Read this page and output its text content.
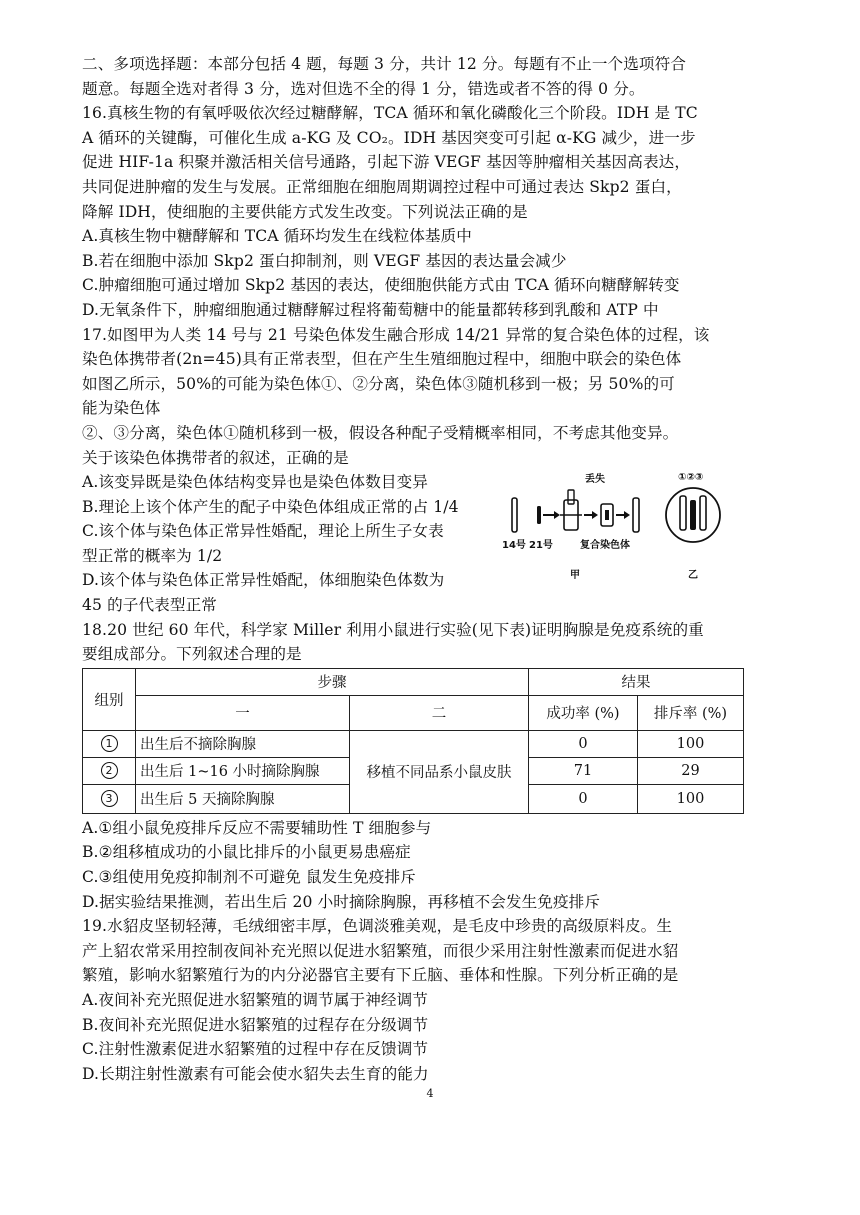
二、多项选择题：本部分包括 4 题，每题 3 分，共计 12 分。每题有不止一个选项符合
题意。每题全选对者得 3 分，选对但选不全的得 1 分，错选或者不答的得 0 分。
16.真核生物的有氧呼吸依次经过糖酵解，TCA 循环和氧化磷酸化三个阶段。IDH 是 TC
A 循环的关键酶，可催化生成 a-KG 及 CO₂。IDH 基因突变可引起 α-KG 减少，进一步
促进 HIF-1a 积聚并激活相关信号通路，引起下游 VEGF 基因等肿瘤相关基因高表达，
共同促进肿瘤的发生与发展。正常细胞在细胞周期调控过程中可通过表达 Skp2 蛋白，
降解 IDH，使细胞的主要供能方式发生改变。下列说法正确的是
A.真核生物中糖酵解和 TCA 循环均发生在线粒体基质中
B.若在细胞中添加 Skp2 蛋白抑制剂，则 VEGF 基因的表达量会减少
C.肿瘤细胞可通过增加 Skp2 基因的表达，使细胞供能方式由 TCA 循环向糖酵解转变
D.无氧条件下，肿瘤细胞通过糖酵解过程将葡萄糖中的能量都转移到乳酸和 ATP 中
17.如图甲为人类 14 号与 21 号染色体发生融合形成 14/21 异常的复合染色体的过程，该
染色体携带者(2n=45)具有正常表型，但在产生生殖细胞过程中，细胞中联会的染色体
如图乙所示，50%的可能为染色体①、②分离，染色体③随机移到一极；另 50%的可
能为染色体
②、③分离，染色体①随机移到一极，假设各种配子受精概率相同，不考虑其他变异。
关于该染色体携带者的叙述，正确的是
A.该变异既是染色体结构变异也是染色体数目变异
B.理论上该个体产生的配子中染色体组成正常的占 1/4
C.该个体与染色体正常异性婚配，理论上所生子女表
型正常的概率为 1/2
D.该个体与染色体正常异性婚配，体细胞染色体数为
45 的子代表型正常
丢失
14号 21号	复合染色体
甲
①②③
乙
18.20 世纪 60 年代，科学家 Miller 利用小鼠进行实验(见下表)证明胸腺是免疫系统的重
要组成部分。下列叙述合理的是
组别	步骤		结果	
	一	二	成功率 (%)	排斥率 (%)
1	出生后不摘除胸腺	移植不同品系小鼠皮肤	0	100
2	出生后 1~16 小时摘除胸腺		71	29
3	出生后 5 天摘除胸腺		0	100
A.①组小鼠免疫排斥反应不需要辅助性 T 细胞参与
B.②组移植成功的小鼠比排斥的小鼠更易患癌症
C.③组使用免疫抑制剂不可避免 鼠发生免疫排斥
D.据实验结果推测，若出生后 20 小时摘除胸腺，再移植不会发生免疫排斥
19.水貂皮坚韧轻薄，毛绒细密丰厚，色调淡雅美观，是毛皮中珍贵的高级原料皮。生
产上貂农常采用控制夜间补充光照以促进水貂繁殖，而很少采用注射性激素而促进水貂
繁殖，影响水貂繁殖行为的内分泌器官主要有下丘脑、垂体和性腺。下列分析正确的是
A.夜间补充光照促进水貂繁殖的调节属于神经调节
B.夜间补充光照促进水貂繁殖的过程存在分级调节
C.注射性激素促进水貂繁殖的过程中存在反馈调节
D.长期注射性激素有可能会使水貂失去生育的能力
4
